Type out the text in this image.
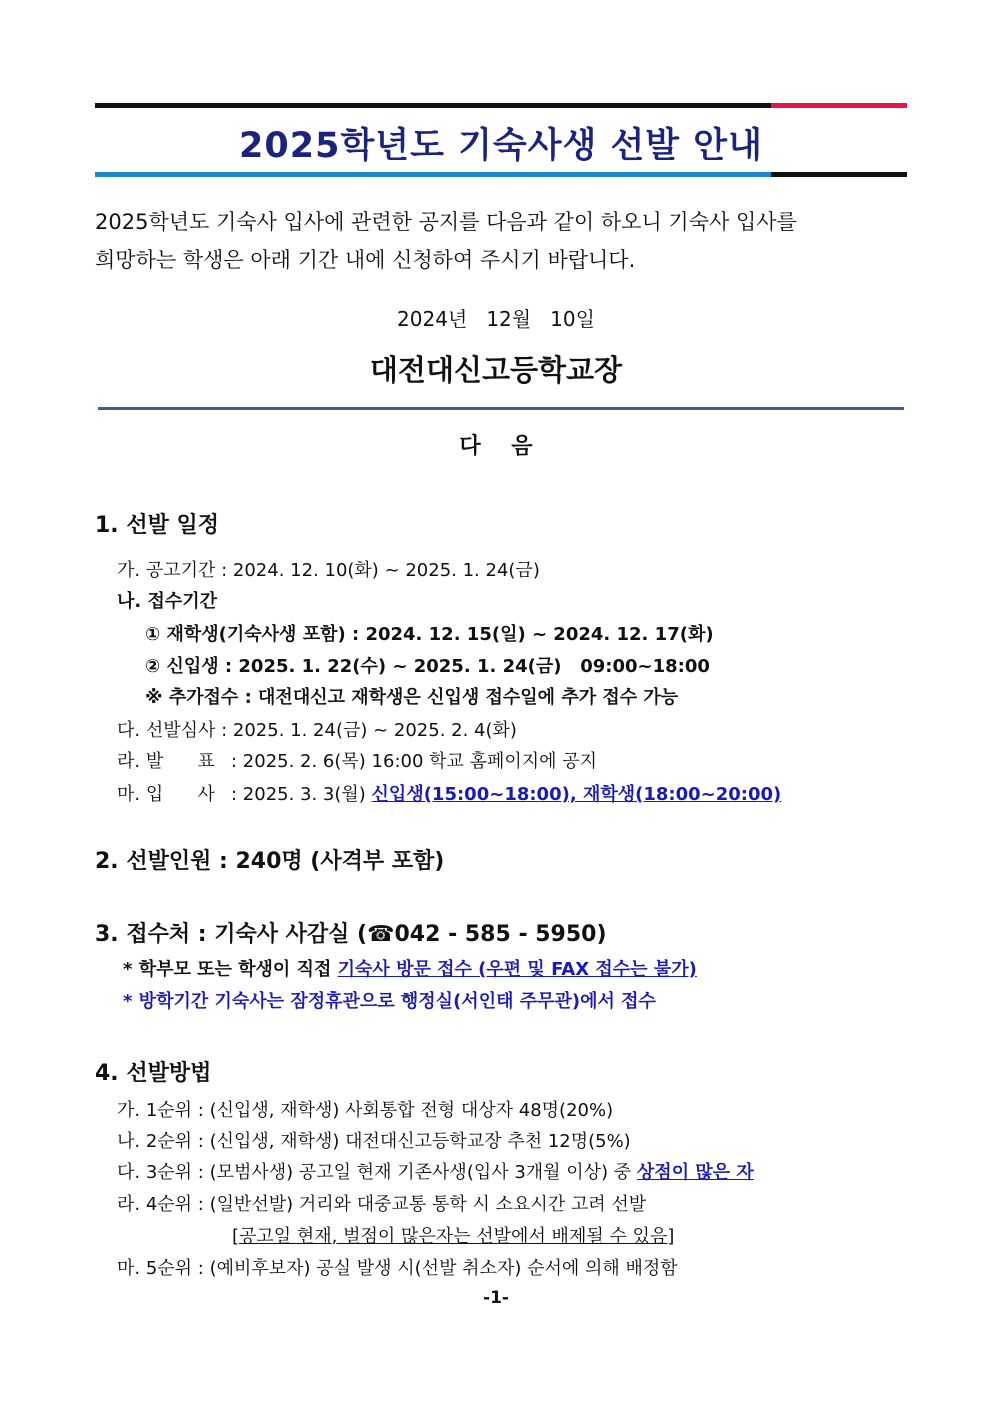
2025학년도 기숙사생 선발 안내
2025학년도 기숙사 입사에 관련한 공지를 다음과 같이 하오니 기숙사 입사를
희망하는 학생은 아래 기간 내에 신청하여 주시기 바랍니다.
2024년   12월   10일
대전대신고등학교장
다    음
1. 선발 일정
가. 공고기간 : 2024. 12. 10(화) ~ 2025. 1. 24(금)
나. 접수기간
① 재학생(기숙사생 포함) : 2024. 12. 15(일) ~ 2024. 12. 17(화)
② 신입생 : 2025. 1. 22(수) ~ 2025. 1. 24(금)   09:00~18:00
※ 추가접수 : 대전대신고 재학생은 신입생 접수일에 추가 접수 가능
다. 선발심사 : 2025. 1. 24(금) ~ 2025. 2. 4(화)
라. 발      표 : 2025. 2. 6(목) 16:00 학교 홈페이지에 공지
마. 입      사 : 2025. 3. 3(월) 신입생(15:00~18:00), 재학생(18:00~20:00)
2. 선발인원 : 240명 (사격부 포함)
3. 접수처 : 기숙사 사감실 (☎042 - 585 - 5950)
* 학부모 또는 학생이 직접 기숙사 방문 접수 (우편 및 FAX 접수는 불가)
* 방학기간 기숙사는 잠정휴관으로 행정실(서인태 주무관)에서 접수
4. 선발방법
가. 1순위 : (신입생, 재학생) 사회통합 전형 대상자 48명(20%)
나. 2순위 : (신입생, 재학생) 대전대신고등학교장 추천 12명(5%)
다. 3순위 : (모범사생) 공고일 현재 기존사생(입사 3개월 이상) 중 상점이 많은 자
라. 4순위 : (일반선발) 거리와 대중교통 통학 시 소요시간 고려 선발
[공고일 현재, 벌점이 많은자는 선발에서 배제될 수 있음]
마. 5순위 : (예비후보자) 공실 발생 시(선발 취소자) 순서에 의해 배정함
-1-
